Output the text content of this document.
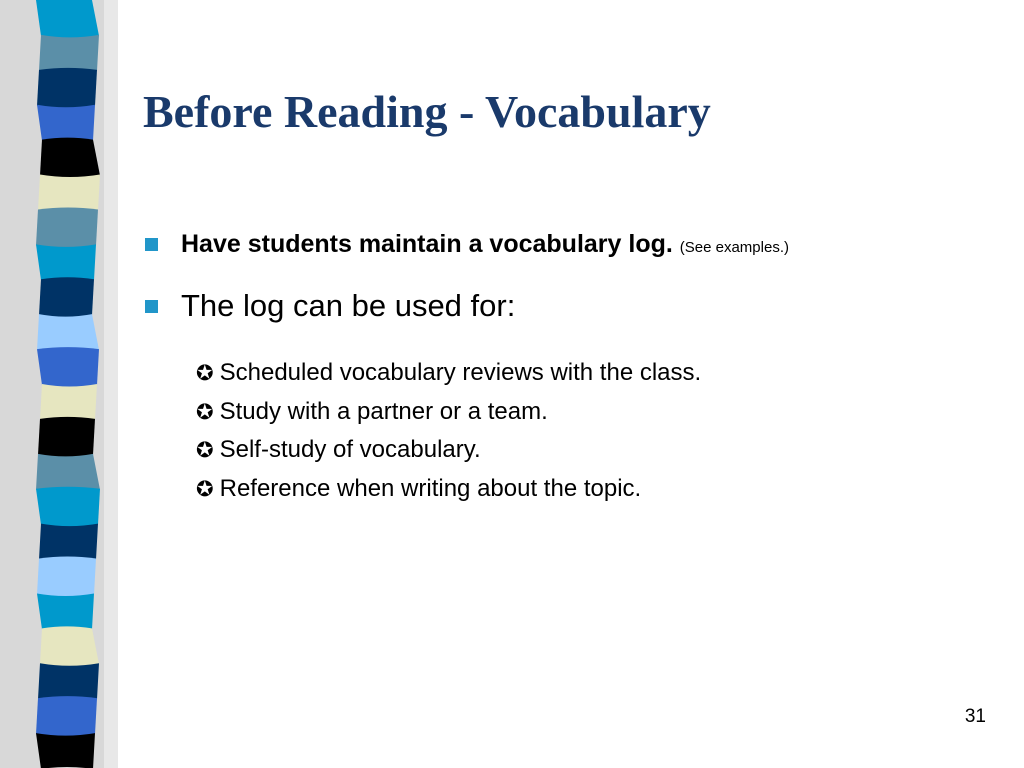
Before Reading - Vocabulary
Have students maintain a vocabulary log. (See examples.)
The log can be used for:
✪ Scheduled vocabulary reviews with the class.
✪ Study with a partner or a team.
✪ Self-study of vocabulary.
✪ Reference when writing about the topic.
31
